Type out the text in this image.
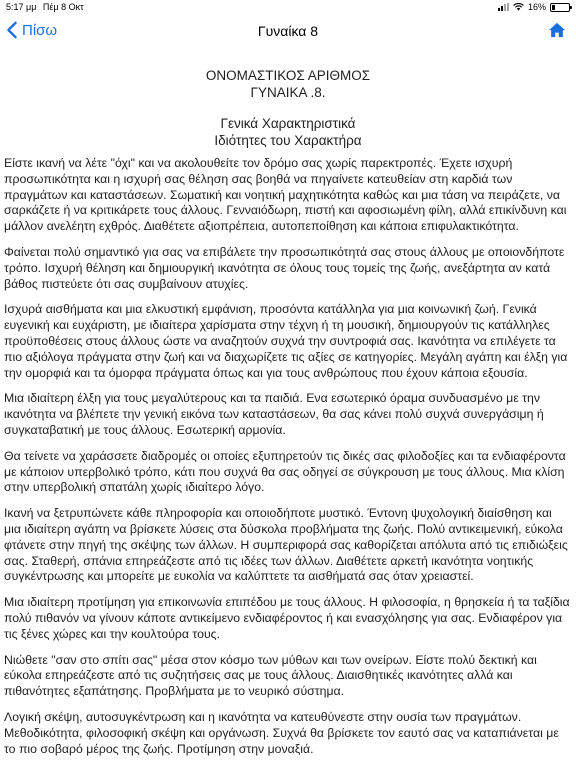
5:17 μμ Πέμ 8 Οκτ	16%
Πίσω	Γυναίκα 8
ΟΝΟΜΑΣΤΙΚΟΣ ΑΡΙΘΜΟΣ
ΓΥΝΑΙΚΑ .8.
Γενικά Χαρακτηριστικά
Ιδιότητες του Χαρακτήρα

Είστε ικανή να λέτε "όχι" και να ακολουθείτε τον δρόμο σας χωρίς παρεκτροπές. Έχετε ισχυρή προσωπικότητα και η ισχυρή σας θέληση σας βοηθά να πηγαίνετε κατευθείαν στη καρδιά των πραγμάτων και καταστάσεων. Σωματική και νοητική μαχητικότητα καθώς και μια τάση να πειράζετε, να σαρκάζετε ή να κριτικάρετε τους άλλους. Γενναιόδωρη, πιστή και αφοσιωμένη φίλη, αλλά επικίνδυνη και μάλλον ανελέητη εχθρός. Διαθέτετε αξιοπρέπεια, αυτοπεποίθηση και κάποια επιφυλακτικότητα.

Φαίνεται πολύ σημαντικό για σας να επιβάλετε την προσωπικότητά σας στους άλλους με οποιονδήποτε τρόπο. Ισχυρή θέληση και δημιουργική ικανότητα σε όλους τους τομείς της ζωής, ανεξάρτητα αν κατά βάθος πιστεύετε ότι σας συμβαίνουν ατυχίες.

Ισχυρά αισθήματα και μια ελκυστική εμφάνιση, προσόντα κατάλληλα για μια κοινωνική ζωή. Γενικά ευγενική και ευχάριστη, με ιδιαίτερα χαρίσματα στην τέχνη ή τη μουσική, δημιουργούν τις κατάλληλες προϋποθέσεις στους άλλους ώστε να αναζητούν συχνά την συντροφιά σας. Ικανότητα να επιλέγετε τα πιο αξιόλογα πράγματα στην ζωή και να διαχωρίζετε τις αξίες σε κατηγορίες. Μεγάλη αγάπη και έλξη για την ομορφιά και τα όμορφα πράγματα όπως και για τους ανθρώπους που έχουν κάποια εξουσία.

Μια ιδιαίτερη έλξη για τους μεγαλύτερους και τα παιδιά. Ενα εσωτερικό όραμα συνδυασμένο με την ικανότητα να βλέπετε την γενική εικόνα των καταστάσεων, θα σας κάνει πολύ συχνά συνεργάσιμη ή συγκαταβατική με τους άλλους. Εσωτερική αρμονία.

Θα τείνετε να χαράσσετε διαδρομές οι οποίες εξυπηρετούν τις δικές σας φιλοδοξίες και τα ενδιαφέροντα με κάποιον υπερβολικό τρόπο, κάτι που συχνά θα σας οδηγεί σε σύγκρουση με τους άλλους. Μια κλίση στην υπερβολική σπατάλη χωρίς ιδιαίτερο λόγο.

Ικανή να ξετρυπώνετε κάθε πληροφορία και οποιοδήποτε μυστικό. Έντονη ψυχολογική διαίσθηση και μια ιδιαίτερη αγάπη να βρίσκετε λύσεις στα δύσκολα προβλήματα της ζωής. Πολύ αντικειμενική, εύκολα φτάνετε στην πηγή της σκέψης των άλλων. Η συμπεριφορά σας καθορίζεται απόλυτα από τις επιδιώξεις σας. Σταθερή, σπάνια επηρεάζεστε από τις ιδέες των άλλων. Διαθέτετε αρκετή ικανότητα νοητικής συγκέντρωσης και μπορείτε με ευκολία να καλύπτετε τα αισθήματά σας όταν χρειαστεί.

Μια ιδιαίτερη προτίμηση για επικοινωνία επιπέδου με τους άλλους. Η φιλοσοφία, η θρησκεία ή τα ταξίδια πολύ πιθανόν να γίνουν κάποτε αντικείμενο ενδιαφέροντος ή και ενασχόλησης για σας. Ενδιαφέρον για τις ξένες χώρες και την κουλτούρα τους.

Νιώθετε "σαν στο σπίτι σας" μέσα στον κόσμο των μύθων και των ονείρων. Είστε πολύ δεκτική και εύκολα επηρεάζεστε από τις συζητήσεις σας με τους άλλους. Διαισθητικές ικανότητες αλλά και πιθανότητες εξαπάτησης. Προβλήματα με το νευρικό σύστημα.

Λογική σκέψη, αυτοσυγκέντρωση και η ικανότητα να κατευθύνεστε στην ουσία των πραγμάτων. Μεθοδικότητα, φιλοσοφική σκέψη και οργάνωση. Συχνά θα βρίσκετε τον εαυτό σας να καταπιάνεται με το πιο σοβαρό μέρος της ζωής. Προτίμηση στην μοναξιά.
